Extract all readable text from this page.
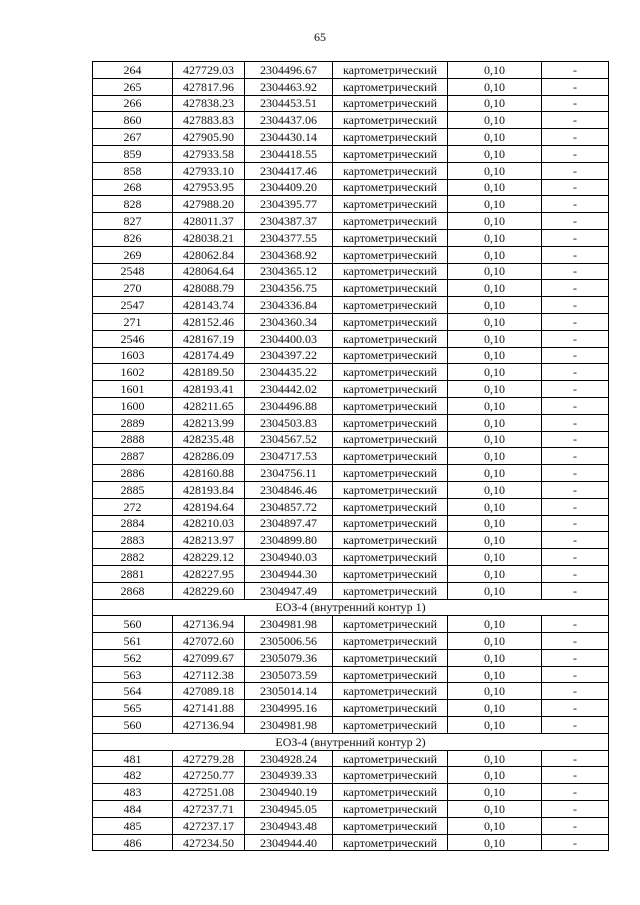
65
264	427729.03	2304496.67	картометрический	0,10	-
265	427817.96	2304463.92	картометрический	0,10	-
266	427838.23	2304453.51	картометрический	0,10	-
860	427883.83	2304437.06	картометрический	0,10	-
267	427905.90	2304430.14	картометрический	0,10	-
859	427933.58	2304418.55	картометрический	0,10	-
858	427933.10	2304417.46	картометрический	0,10	-
268	427953.95	2304409.20	картометрический	0,10	-
828	427988.20	2304395.77	картометрический	0,10	-
827	428011.37	2304387.37	картометрический	0,10	-
826	428038.21	2304377.55	картометрический	0,10	-
269	428062.84	2304368.92	картометрический	0,10	-
2548	428064.64	2304365.12	картометрический	0,10	-
270	428088.79	2304356.75	картометрический	0,10	-
2547	428143.74	2304336.84	картометрический	0,10	-
271	428152.46	2304360.34	картометрический	0,10	-
2546	428167.19	2304400.03	картометрический	0,10	-
1603	428174.49	2304397.22	картометрический	0,10	-
1602	428189.50	2304435.22	картометрический	0,10	-
1601	428193.41	2304442.02	картометрический	0,10	-
1600	428211.65	2304496.88	картометрический	0,10	-
2889	428213.99	2304503.83	картометрический	0,10	-
2888	428235.48	2304567.52	картометрический	0,10	-
2887	428286.09	2304717.53	картометрический	0,10	-
2886	428160.88	2304756.11	картометрический	0,10	-
2885	428193.84	2304846.46	картометрический	0,10	-
272	428194.64	2304857.72	картометрический	0,10	-
2884	428210.03	2304897.47	картометрический	0,10	-
2883	428213.97	2304899.80	картометрический	0,10	-
2882	428229.12	2304940.03	картометрический	0,10	-
2881	428227.95	2304944.30	картометрический	0,10	-
2868	428229.60	2304947.49	картометрический	0,10	-
ЕОЗ-4 (внутренний контур 1)					
560	427136.94	2304981.98	картометрический	0,10	-
561	427072.60	2305006.56	картометрический	0,10	-
562	427099.67	2305079.36	картометрический	0,10	-
563	427112.38	2305073.59	картометрический	0,10	-
564	427089.18	2305014.14	картометрический	0,10	-
565	427141.88	2304995.16	картометрический	0,10	-
560	427136.94	2304981.98	картометрический	0,10	-
ЕОЗ-4 (внутренний контур 2)					
481	427279.28	2304928.24	картометрический	0,10	-
482	427250.77	2304939.33	картометрический	0,10	-
483	427251.08	2304940.19	картометрический	0,10	-
484	427237.71	2304945.05	картометрический	0,10	-
485	427237.17	2304943.48	картометрический	0,10	-
486	427234.50	2304944.40	картометрический	0,10	-
